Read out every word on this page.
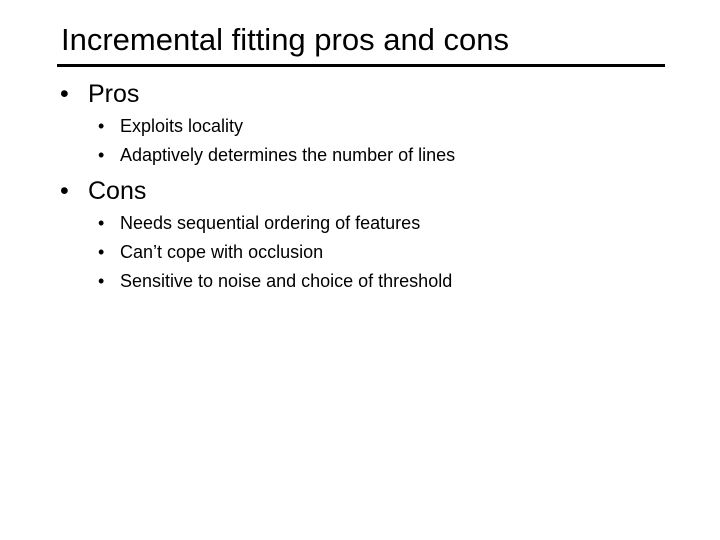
Incremental fitting pros and cons
• Pros
• Exploits locality
• Adaptively determines the number of lines
• Cons
• Needs sequential ordering of features
• Can’t cope with occlusion
• Sensitive to noise and choice of threshold
